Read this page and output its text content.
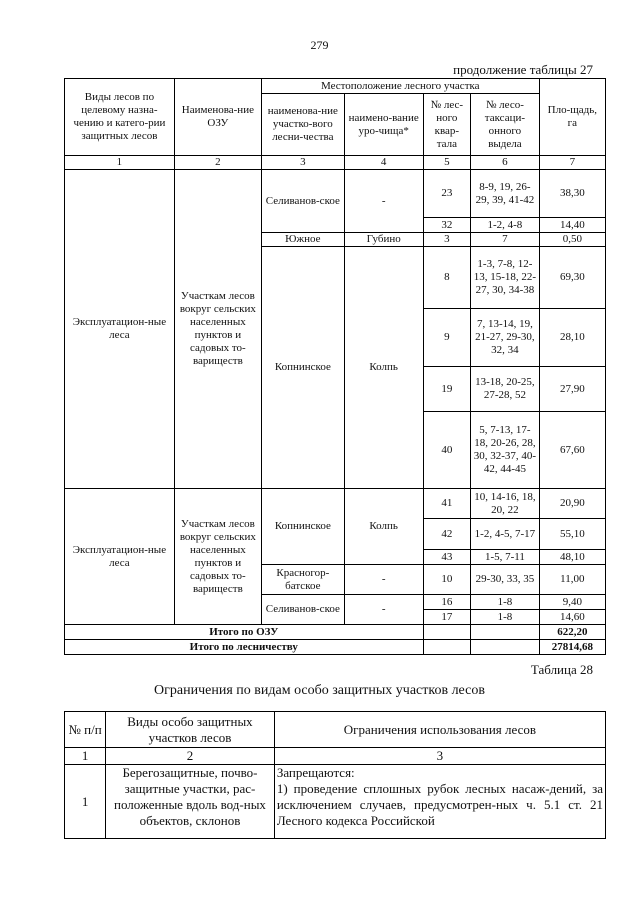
279
продолжение таблицы 27
Виды лесов по целевому назна-чению и катего-рии защитных лесов	Наименова-ние ОЗУ	Местоположение лесного участка				Пло-щадь, га
		наименова-ние участко-вого лесни-чества	наимено-вание уро-чища*	№ лес-ного квар-тала	№ лесо-таксаци-онного выдела	
1	2	3	4	5	6	7
Эксплуатацион-ные леса	Участкам лесов вокруг сельских населенных пунктов и садовых то-вариществ	Селиванов-ское	-	23	8-9, 19, 26-29, 39, 41-42	38,30
				32	1-2, 4-8	14,40
		Южное	Губино	3	7	0,50
		Копнинское	Колпь	8	1-3, 7-8, 12-13, 15-18, 22-27, 30, 34-38	69,30
				9	7, 13-14, 19, 21-27, 29-30, 32, 34	28,10
				19	13-18, 20-25, 27-28, 52	27,90
				40	5, 7-13, 17-18, 20-26, 28, 30, 32-37, 40-42, 44-45	67,60
Эксплуатацион-ные леса	Участкам лесов вокруг сельских населенных пунктов и садовых то-вариществ	Копнинское	Колпь	41	10, 14-16, 18, 20, 22	20,90
				42	1-2, 4-5, 7-17	55,10
				43	1-5, 7-11	48,10
		Красногор-батское	-	10	29-30, 33, 35	11,00
		Селиванов-ское	-	16	1-8	9,40
				17	1-8	14,60
Итого по ОЗУ						622,20
Итого по лесничеству						27814,68
Таблица 28
Ограничения по видам особо защитных участков лесов
№ п/п	Виды особо защитных участков лесов	Ограничения использования лесов
1	2	3
1	Берегозащитные, почво-защитные участки, рас-положенные вдоль вод-ных объектов, склонов	Запрещаются:
1) проведение сплошных рубок лесных насаж-дений, за исключением случаев, предусмотрен-ных ч. 5.1 ст. 21 Лесного кодекса Российской
